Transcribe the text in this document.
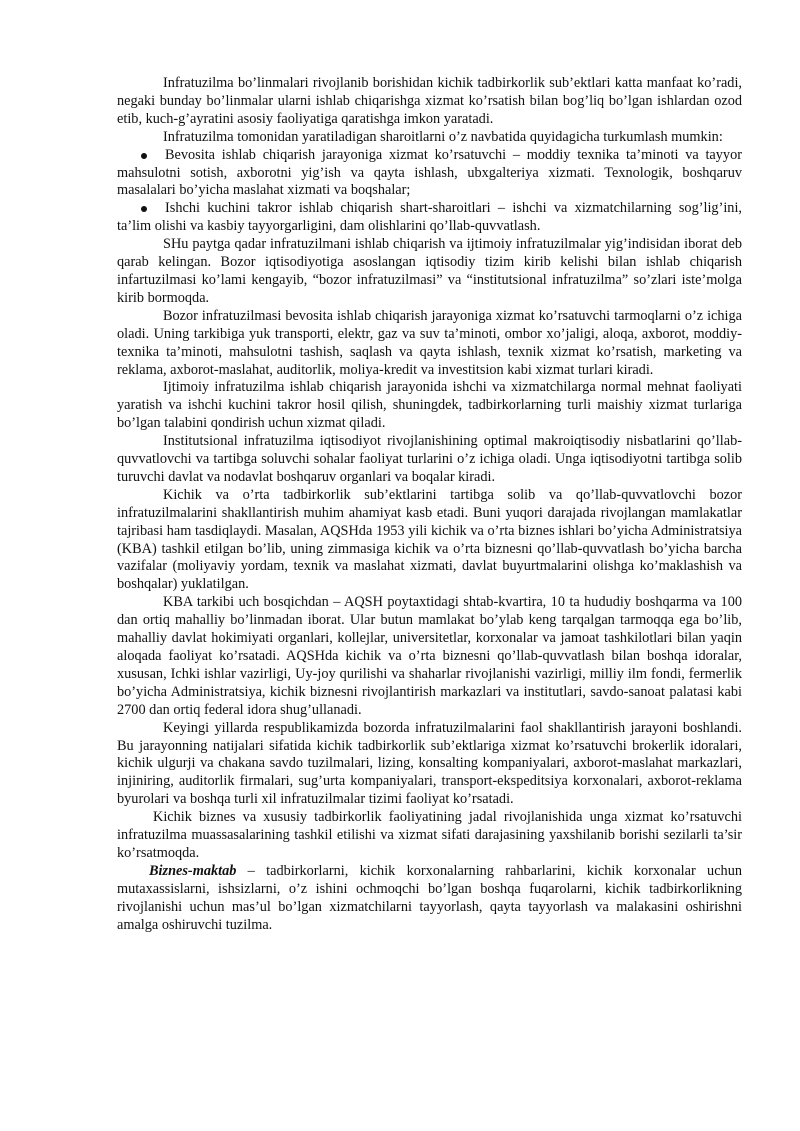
Infratuzilma bo’linmalari rivojlanib borishidan kichik tadbirkorlik sub’ektlari katta manfaat ko’radi, negaki bunday bo’linmalar ularni ishlab chiqarishga xizmat ko’rsatish bilan bog’liq bo’lgan ishlardan ozod etib, kuch-g’ayratini asosiy faoliyatiga qaratishga imkon yaratadi.

Infratuzilma tomonidan yaratiladigan sharoitlarni o’z navbatida quyidagicha turkumlash mumkin:

Bevosita ishlab chiqarish jarayoniga xizmat ko’rsatuvchi – moddiy texnika ta’minoti va tayyor mahsulotni sotish, axborotni yig’ish va qayta ishlash, ubxgalteriya xizmati. Texnologik, boshqaruv masalalari bo’yicha maslahat xizmati va boqshalar;

Ishchi kuchini takror ishlab chiqarish shart-sharoitlari – ishchi va xizmatchilarning sog’lig’ini, ta’lim olishi va kasbiy tayyorgarligini, dam olishlarini qo’llab-quvvatlash.

SHu paytga qadar infratuzilmani ishlab chiqarish va ijtimoiy infratuzilmalar yig’indisidan iborat deb qarab kelingan. Bozor iqtisodiyotiga asoslangan iqtisodiy tizim kirib kelishi bilan ishlab chiqarish infartuzilmasi ko’lami kengayib, “bozor infratuzilmasi” va “institutsional infratuzilma” so’zlari iste’molga kirib bormoqda.

Bozor infratuzilmasi bevosita ishlab chiqarish jarayoniga xizmat ko’rsatuvchi tarmoqlarni o’z ichiga oladi. Uning tarkibiga yuk transporti, elektr, gaz va suv ta’minoti, ombor xo’jaligi, aloqa, axborot, moddiy-texnika ta’minoti, mahsulotni tashish, saqlash va qayta ishlash, texnik xizmat ko’rsatish, marketing va reklama, axborot-maslahat, auditorlik, moliya-kredit va investitsion kabi xizmat turlari kiradi.

Ijtimoiy infratuzilma ishlab chiqarish jarayonida ishchi va xizmatchilarga normal mehnat faoliyati yaratish va ishchi kuchini takror hosil qilish, shuningdek, tadbirkorlarning turli maishiy xizmat turlariga bo’lgan talabini qondirish uchun xizmat qiladi.

Institutsional infratuzilma iqtisodiyot rivojlanishining optimal makroiqtisodiy nisbatlarini qo’llab-quvvatlovchi va tartibga soluvchi sohalar faoliyat turlarini o’z ichiga oladi. Unga iqtisodiyotni tartibga solib turuvchi davlat va nodavlat boshqaruv organlari va boqalar kiradi.

Kichik va o’rta tadbirkorlik sub’ektlarini tartibga solib va qo’llab-quvvatlovchi bozor infratuzilmalarini shakllantirish muhim ahamiyat kasb etadi. Buni yuqori darajada rivojlangan mamlakatlar tajribasi ham tasdiqlaydi. Masalan, AQSHda 1953 yili kichik va o’rta biznes ishlari bo’yicha Administratsiya (KBA) tashkil etilgan bo’lib, uning zimmasiga kichik va o’rta biznesni qo’llab-quvvatlash bo’yicha barcha vazifalar (moliyaviy yordam, texnik va maslahat xizmati, davlat buyurtmalarini olishga ko’maklashish va boshqalar) yuklatilgan.

KBA tarkibi uch bosqichdan – AQSH poytaxtidagi shtab-kvartira, 10 ta hududiy boshqarma va 100 dan ortiq mahalliy bo’linmadan iborat. Ular butun mamlakat bo’ylab keng tarqalgan tarmoqqa ega bo’lib, mahalliy davlat hokimiyati organlari, kollejlar, universitetlar, korxonalar va jamoat tashkilotlari bilan yaqin aloqada faoliyat ko’rsatadi. AQSHda kichik va o’rta biznesni qo’llab-quvvatlash bilan boshqa idoralar, xususan, Ichki ishlar vazirligi, Uy-joy qurilishi va shaharlar rivojlanishi vazirligi, milliy ilm fondi, fermerlik bo’yicha Administratsiya, kichik biznesni rivojlantirish markazlari va institutlari, savdo-sanoat palatasi kabi 2700 dan ortiq federal idora shug’ullanadi.

Keyingi yillarda respublikamizda bozorda infratuzilmalarini faol shakllantirish jarayoni boshlandi. Bu jarayonning natijalari sifatida kichik tadbirkorlik sub’ektlariga xizmat ko’rsatuvchi brokerlik idoralari, kichik ulgurji va chakana savdo tuzilmalari, lizing, konsalting kompaniyalari, axborot-maslahat markazlari, injiniring, auditorlik firmalari, sug’urta kompaniyalari, transport-ekspeditsiya korxonalari, axborot-reklama byurolari va boshqa turli xil infratuzilmalar tizimi faoliyat ko’rsatadi.

Kichik biznes va xususiy tadbirkorlik faoliyatining jadal rivojlanishida unga xizmat ko’rsatuvchi infratuzilma muassasalarining tashkil etilishi va xizmat sifati darajasining yaxshilanib borishi sezilarli ta’sir ko’rsatmoqda.

Biznes-maktab – tadbirkorlarni, kichik korxonalarning rahbarlarini, kichik korxonalar uchun mutaxassislarni, ishsizlarni, o’z ishini ochmoqchi bo’lgan boshqa fuqarolarni, kichik tadbirkorlikning rivojlanishi uchun mas’ul bo’lgan xizmatchilarni tayyorlash, qayta tayyorlash va malakasini oshirishni amalga oshiruvchi tuzilma.
